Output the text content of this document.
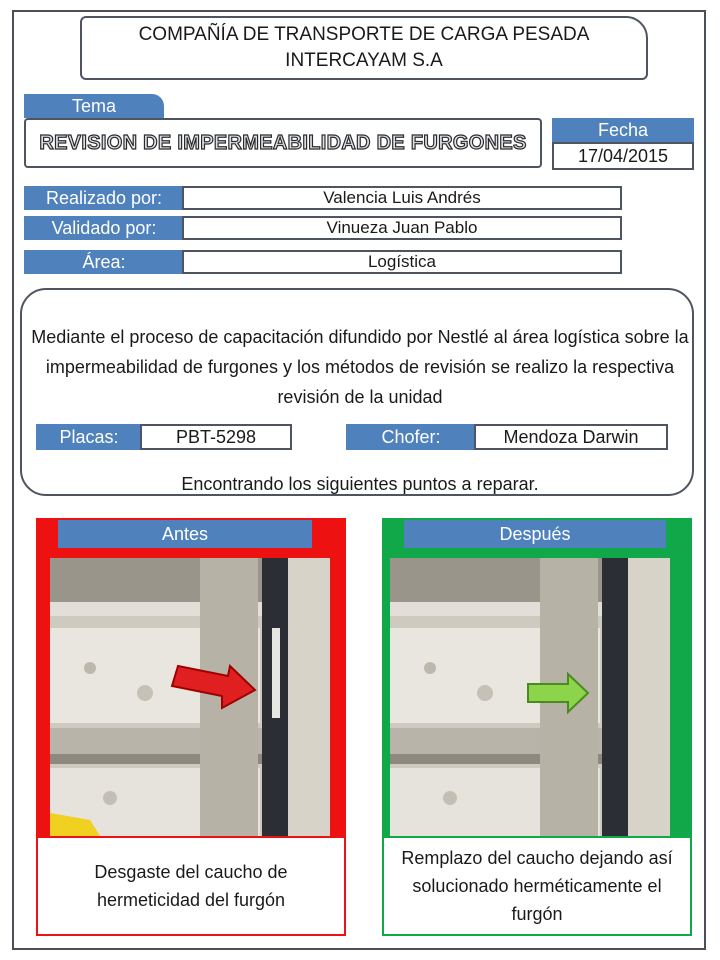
COMPAÑÍA DE TRANSPORTE DE CARGA PESADA
INTERCAYAM S.A
Tema
REVISION DE IMPERMEABILIDAD DE FURGONES
Fecha
17/04/2015
Realizado por:	Valencia Luis Andrés
Validado por:	Vinueza Juan Pablo
Área:	Logística
Mediante el proceso de capacitación difundido por Nestlé al área logística sobre la impermeabilidad de furgones y los métodos de revisión se realizo la respectiva revisión de la unidad
Placas:	PBT-5298	Chofer:	Mendoza Darwin
Encontrando los siguientes puntos a reparar.
Antes
Desgaste del caucho de hermeticidad del furgón
Después
Remplazo del caucho dejando así solucionado herméticamente el furgón
